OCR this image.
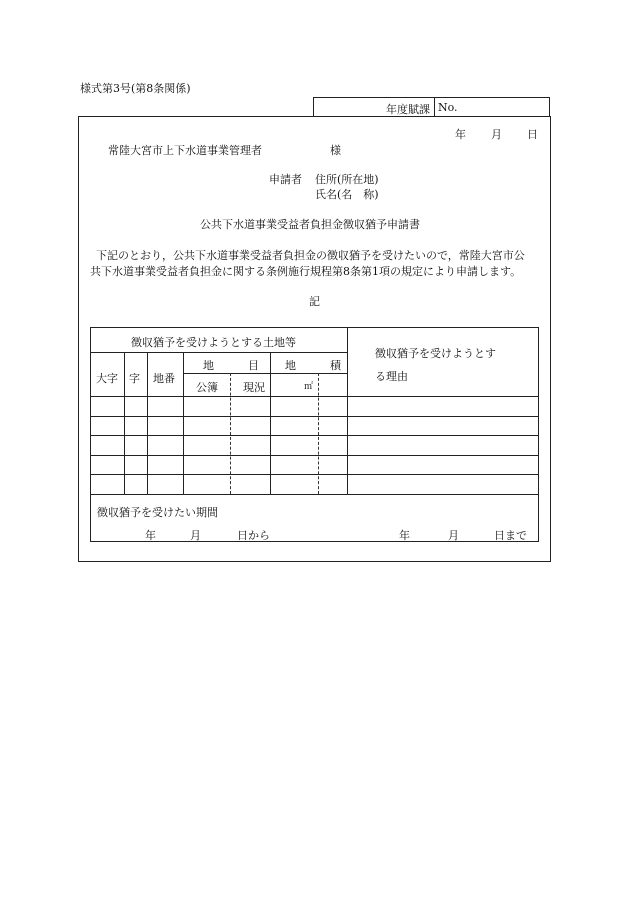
様式第3号(第8条関係)
年度賦課 No.
年 月 日
常陸大宮市上下水道事業管理者	様
申請者 住所(所在地)
氏名(名　称)
公共下水道事業受益者負担金徴収猶予申請書
下記のとおり，公共下水道事業受益者負担金の徴収猶予を受けたいので，常陸大宮市公
共下水道事業受益者負担金に関する条例施行規程第8条第1項の規定により申請します。
記
徴収猶予を受けようとする土地等
徴収猶予を受けようとす
る理由
大字 字 地番
地	目 地	積
公簿 現況	㎡
徴収猶予を受けたい期間
年	月	日から	年	月	日まで
